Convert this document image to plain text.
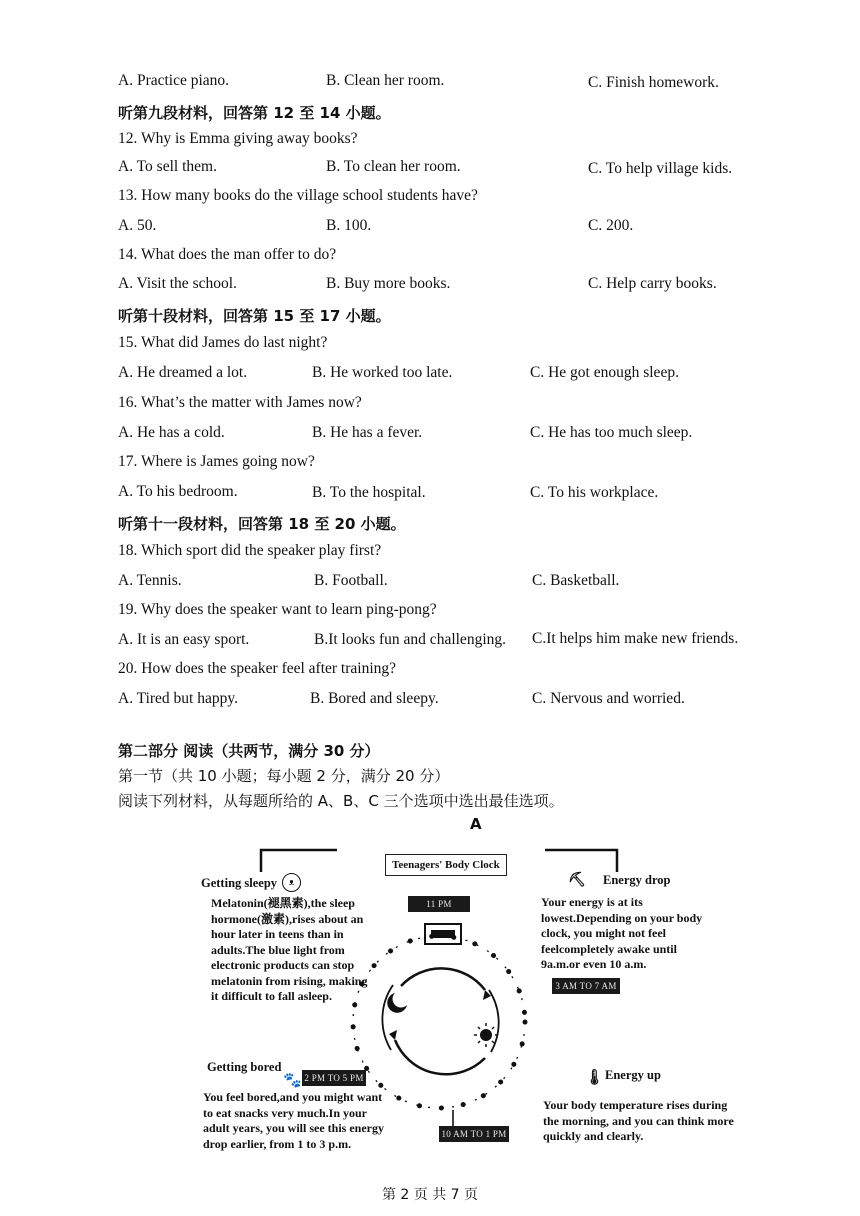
A. Practice piano.	B. Clean her room.	C. Finish homework.
听第九段材料，回答第 12 至 14 小题。
12. Why is Emma giving away books?
A. To sell them.	B. To clean her room.	C. To help village kids.
13. How many books do the village school students have?
A. 50.	B. 100.	C. 200.
14. What does the man offer to do?
A. Visit the school.	B. Buy more books.	C. Help carry books.
听第十段材料，回答第 15 至 17 小题。
15. What did James do last night?
A. He dreamed a lot.	B. He worked too late.	C. He got enough sleep.
16. What’s the matter with James now?
A. He has a cold.	B. He has a fever.	C. He has too much sleep.
17. Where is James going now?
A. To his bedroom.	B. To the hospital.	C. To his workplace.
听第十一段材料，回答第 18 至 20 小题。
18. Which sport did the speaker play first?
A. Tennis.	B. Football.	C. Basketball.
19. Why does the speaker want to learn ping-pong?
A. It is an easy sport.	B.It looks fun and challenging. C.It helps him make new friends.
20. How does the speaker feel after training?
A. Tired but happy.	B. Bored and sleepy.	C. Nervous and worried.
第二部分 阅读（共两节，满分 30 分）
第一节（共 10 小题；每小题 2 分，满分 20 分）
阅读下列材料，从每题所给的 A、B、C 三个选项中选出最佳选项。
A
Teenagers' Body Clock
11 PM
3 AM TO 7 AM
2 PM TO 5 PM
10 AM TO 1 PM
Getting sleepy	ᴥ
Melatonin(褪黑素),the sleep hormone(激素),rises about an hour later in teens than in adults.The blue light from electronic products can stop melatonin from rising, making it difficult to fall asleep.
⛏ Energy drop
Your energy is at its lowest.Depending on your body clock, you might not feel feelcompletely awake until 9a.m.or even 10 a.m.
Getting bored
🐾
You feel bored,and you might want to eat snacks very much.In your adult years, you will see this energy drop earlier, from 1 to 3 p.m.
🌡 Energy up
Your body temperature rises during the morning, and you can think more quickly and clearly.
第 2 页 共 7 页
